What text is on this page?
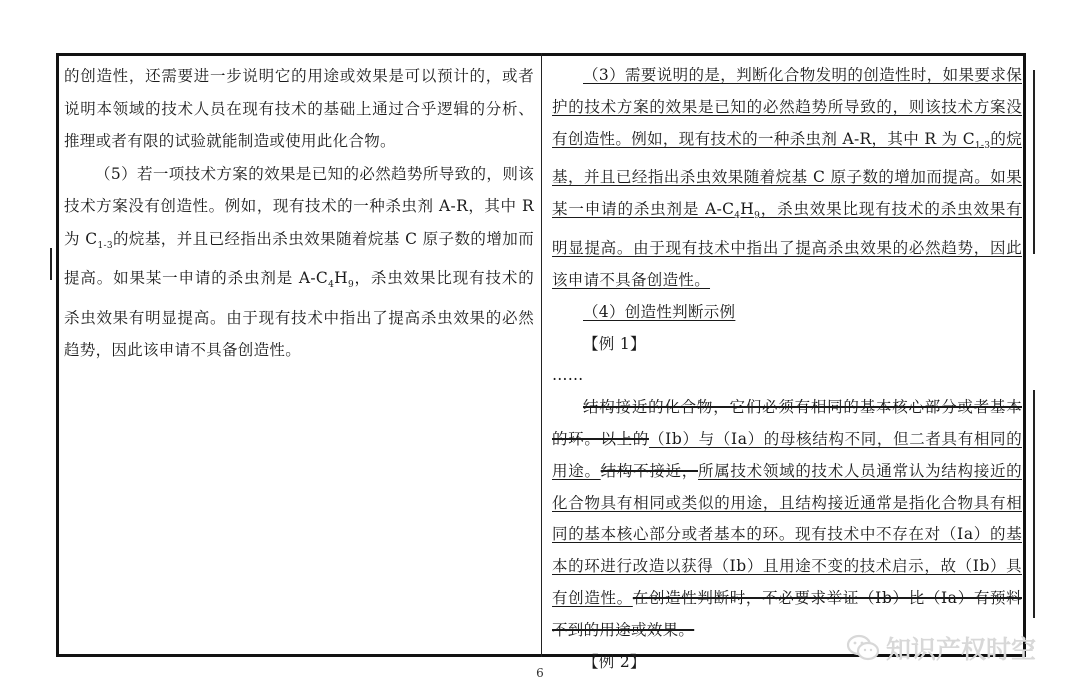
的创造性，还需要进一步说明它的用途或效果是可以预计的，或者说明本领域的技术人员在现有技术的基础上通过合乎逻辑的分析、推理或者有限的试验就能制造或使用此化合物。

（5）若一项技术方案的效果是已知的必然趋势所导致的，则该技术方案没有创造性。例如，现有技术的一种杀虫剂 A-R，其中 R 为 $C_{1-3}$的烷基，并且已经指出杀虫效果随着烷基 C 原子数的增加而提高。如果某一申请的杀虫剂是 $A-C_4H_9$，杀虫效果比现有技术的杀虫效果有明显提高。由于现有技术中指出了提高杀虫效果的必然趋势，因此该申请不具备创造性。

（3）需要说明的是，判断化合物发明的创造性时，如果要求保护的技术方案的效果是已知的必然趋势所导致的，则该技术方案没有创造性。例如，现有技术的一种杀虫剂 A-R，其中 R 为 $C_{1-3}$的烷基，并且已经指出杀虫效果随着烷基 C 原子数的增加而提高。如果某一申请的杀虫剂是 $A-C_4H_9$，杀虫效果比现有技术的杀虫效果有明显提高。由于现有技术中指出了提高杀虫效果的必然趋势，因此该申请不具备创造性。

（4）创造性判断示例

【例 1】

……

结构接近的化合物，它们必须有相同的基本核心部分或者基本的环。以上的（Ⅰb）与（Ⅰa）的母核结构不同，但二者具有相同的用途。结构不接近，所属技术领域的技术人员通常认为结构接近的化合物具有相同或类似的用途，且结构接近通常是指化合物具有相同的基本核心部分或者基本的环。现有技术中不存在对（Ⅰa）的基本的环进行改造以获得（Ⅰb）且用途不变的技术启示，故（Ⅰb）具有创造性。在创造性判断时，不必要求举证（Ⅰb）比（Ⅰa）有预料不到的用途或效果。

【例 2】

6
知识产权时空
